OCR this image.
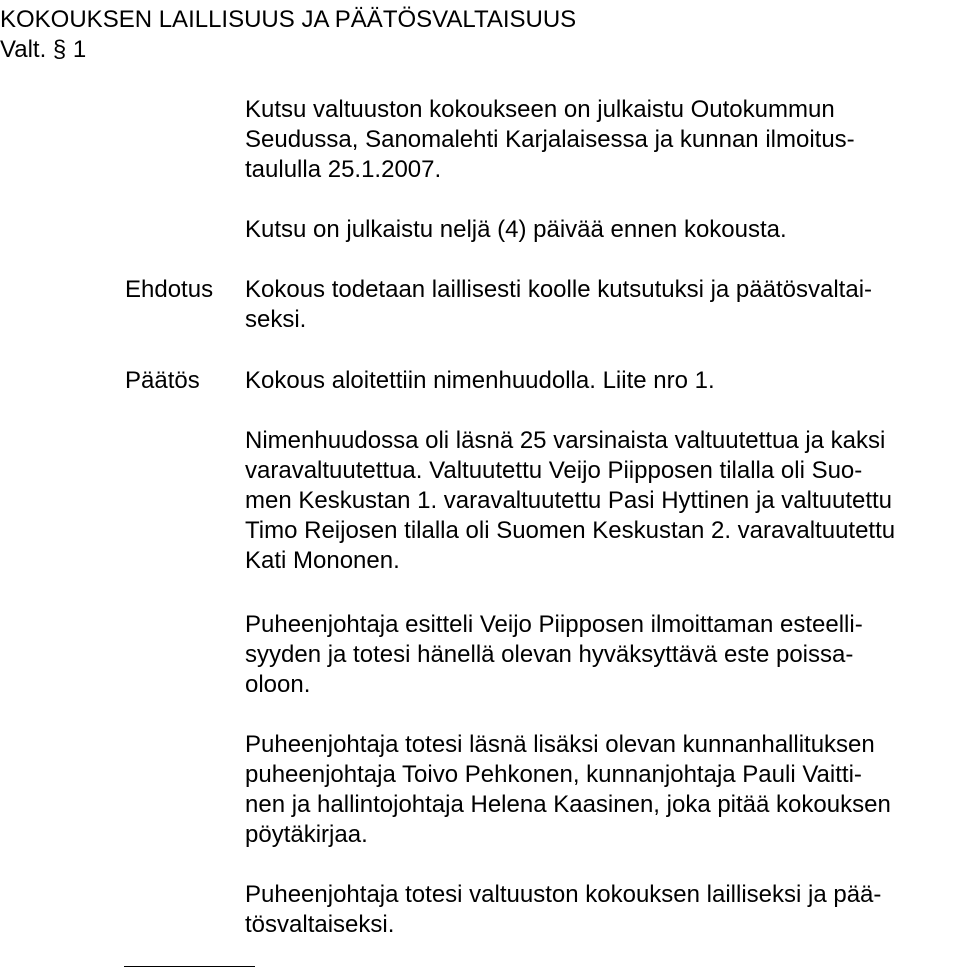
KOKOUKSEN LAILLISUUS JA PÄÄTÖSVALTAISUUS
Valt. § 1
Ehdotus
Päätös
Kutsu valtuuston kokoukseen on julkaistu Outokummun
Seudussa, Sanomalehti Karjalaisessa ja kunnan ilmoitus-
taululla 25.1.2007.
Kutsu on julkaistu neljä (4) päivää ennen kokousta.
Kokous todetaan laillisesti koolle kutsutuksi ja päätösvaltai-
seksi.
Kokous aloitettiin nimenhuudolla. Liite nro 1.
Nimenhuudossa oli läsnä 25 varsinaista valtuutettua ja kaksi
varavaltuutettua. Valtuutettu Veijo Piipposen tilalla oli Suo-
men Keskustan 1. varavaltuutettu Pasi Hyttinen ja valtuutettu
Timo Reijosen tilalla oli Suomen Keskustan 2. varavaltuutettu
Kati Mononen.
Puheenjohtaja esitteli Veijo Piipposen ilmoittaman esteelli-
syyden ja totesi hänellä olevan hyväksyttävä este poissa-
oloon.
Puheenjohtaja totesi läsnä lisäksi olevan kunnanhallituksen
puheenjohtaja Toivo Pehkonen, kunnanjohtaja Pauli Vaitti-
nen ja hallintojohtaja Helena Kaasinen, joka pitää kokouksen
pöytäkirjaa.
Puheenjohtaja totesi valtuuston kokouksen lailliseksi ja pää-
tösvaltaiseksi.
